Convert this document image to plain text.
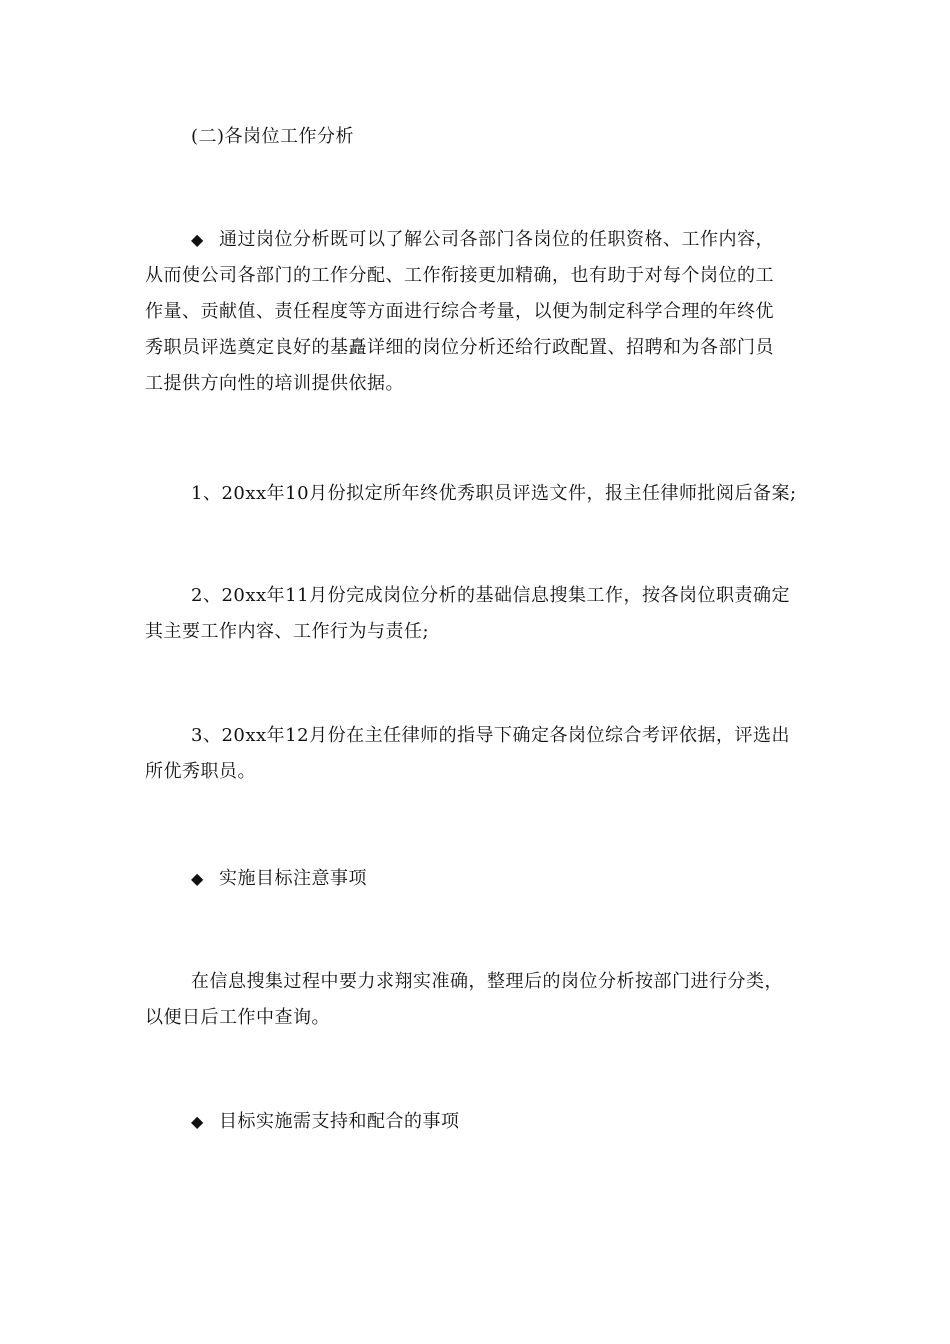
(二)各岗位工作分析
◆ 通过岗位分析既可以了解公司各部门各岗位的任职资格、工作内容，
从而使公司各部门的工作分配、工作衔接更加精确，也有助于对每个岗位的工
作量、贡献值、责任程度等方面进行综合考量，以便为制定科学合理的年终优
秀职员评选奠定良好的基矗详细的岗位分析还给行政配置、招聘和为各部门员
工提供方向性的培训提供依据。
1、20xx年10月份拟定所年终优秀职员评选文件，报主任律师批阅后备案;
2、20xx年11月份完成岗位分析的基础信息搜集工作，按各岗位职责确定
其主要工作内容、工作行为与责任;
3、20xx年12月份在主任律师的指导下确定各岗位综合考评依据，评选出
所优秀职员。
◆ 实施目标注意事项
在信息搜集过程中要力求翔实准确，整理后的岗位分析按部门进行分类，
以便日后工作中查询。
◆ 目标实施需支持和配合的事项
